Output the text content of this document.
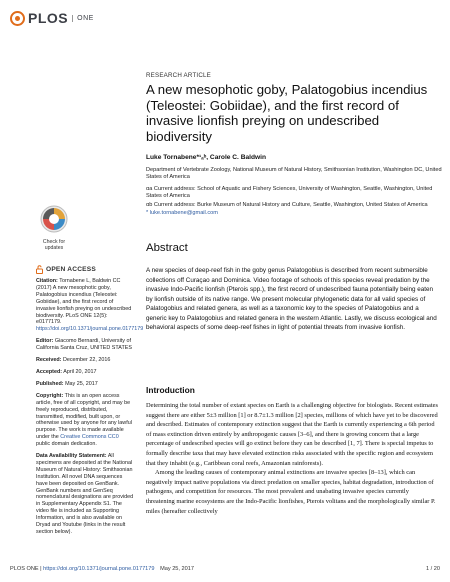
PLOS	ONE
RESEARCH ARTICLE
A new mesophotic goby, Palatogobius incendius (Teleostei: Gobiidae), and the first record of invasive lionfish preying on undescribed biodiversity
Luke Tornabene*¹ₐᵇ, Carole C. Baldwin

Department of Vertebrate Zoology, National Museum of Natural History, Smithsonian Institution, Washington DC, United States of America

αa Current address: School of Aquatic and Fishery Sciences, University of Washington, Seattle, Washington, United States of America

αb Current address: Burke Museum of Natural History and Culture, Seattle, Washington, United States of America

* luke.tornabene@gmail.com

Check for updates
OPEN ACCESS

Citation: Tornabene L, Baldwin CC (2017) A new mesophotic goby, Palatogobius incendius (Teleostei: Gobiidae), and the first record of invasive lionfish preying on undescribed biodiversity. PLoS ONE 12(5): e0177179. https://doi.org/10.1371/journal.pone.0177179

Editor: Giacomo Bernardi, University of California Santa Cruz, UNITED STATES

Received: December 22, 2016

Accepted: April 20, 2017

Published: May 25, 2017

Copyright: This is an open access article, free of all copyright, and may be freely reproduced, distributed, transmitted, modified, built upon, or otherwise used by anyone for any lawful purpose. The work is made available under the Creative Commons CC0 public domain dedication.

Data Availability Statement: All specimens are deposited at the National Museum of Natural History: Smithsonian Institution. All novel DNA sequences have been deposited on GenBank. GenBank numbers and GenSeq nomenclatural designations are provided in Supplementary Appendix S1. The video file is included as Supporting Information, and is also available on Dryad and Youtube (links in the result section below).

Abstract

A new species of deep-reef fish in the goby genus Palatogobius is described from recent submersible collections off Curaçao and Dominica. Video footage of schools of this species reveal predation by the invasive Indo-Pacific lionfish (Pterois spp.), the first record of undescribed fauna potentially being eaten by lionfish outside of its native range. We present molecular phylogenetic data for all valid species of Palatogobius and related genera, as well as a taxonomic key to the species of Palatogobius and a generic key to Palatogobius and related genera in the western Atlantic. Lastly, we discuss ecological and behavioral aspects of some deep-reef fishes in light of potential threats from invasive lionfish.

Introduction

Determining the total number of extant species on Earth is a challenging objective for biologists. Recent estimates suggest there are either 5±3 million [1] or 8.7±1.3 million [2] species, millions of which have yet to be discovered and described. Estimates of contemporary extinction suggest that the Earth is currently experiencing a 6th period of mass extinction driven entirely by anthropogenic causes [3–6], and there is growing concern that a large percentage of undescribed species will go extinct before they can be described [1, 7]. There is special impetus to formally describe taxa that may have elevated extinction risks associated with the specific region and ecosystem that they inhabit (e.g., Caribbean coral reefs, Amazonian rainforests).

Among the leading causes of contemporary animal extinctions are invasive species [8–13], which can negatively impact native populations via direct predation on smaller species, habitat degradation, introduction of pathogens, and competition for resources. The most prevalent and unabating invasive species currently threatening marine ecosystems are the Indo-Pacific lionfishes, Pterois volitans and the morphologically similar P. miles (hereafter collectively

PLOS ONE | https://doi.org/10.1371/journal.pone.0177179 May 25, 2017	1 / 20
